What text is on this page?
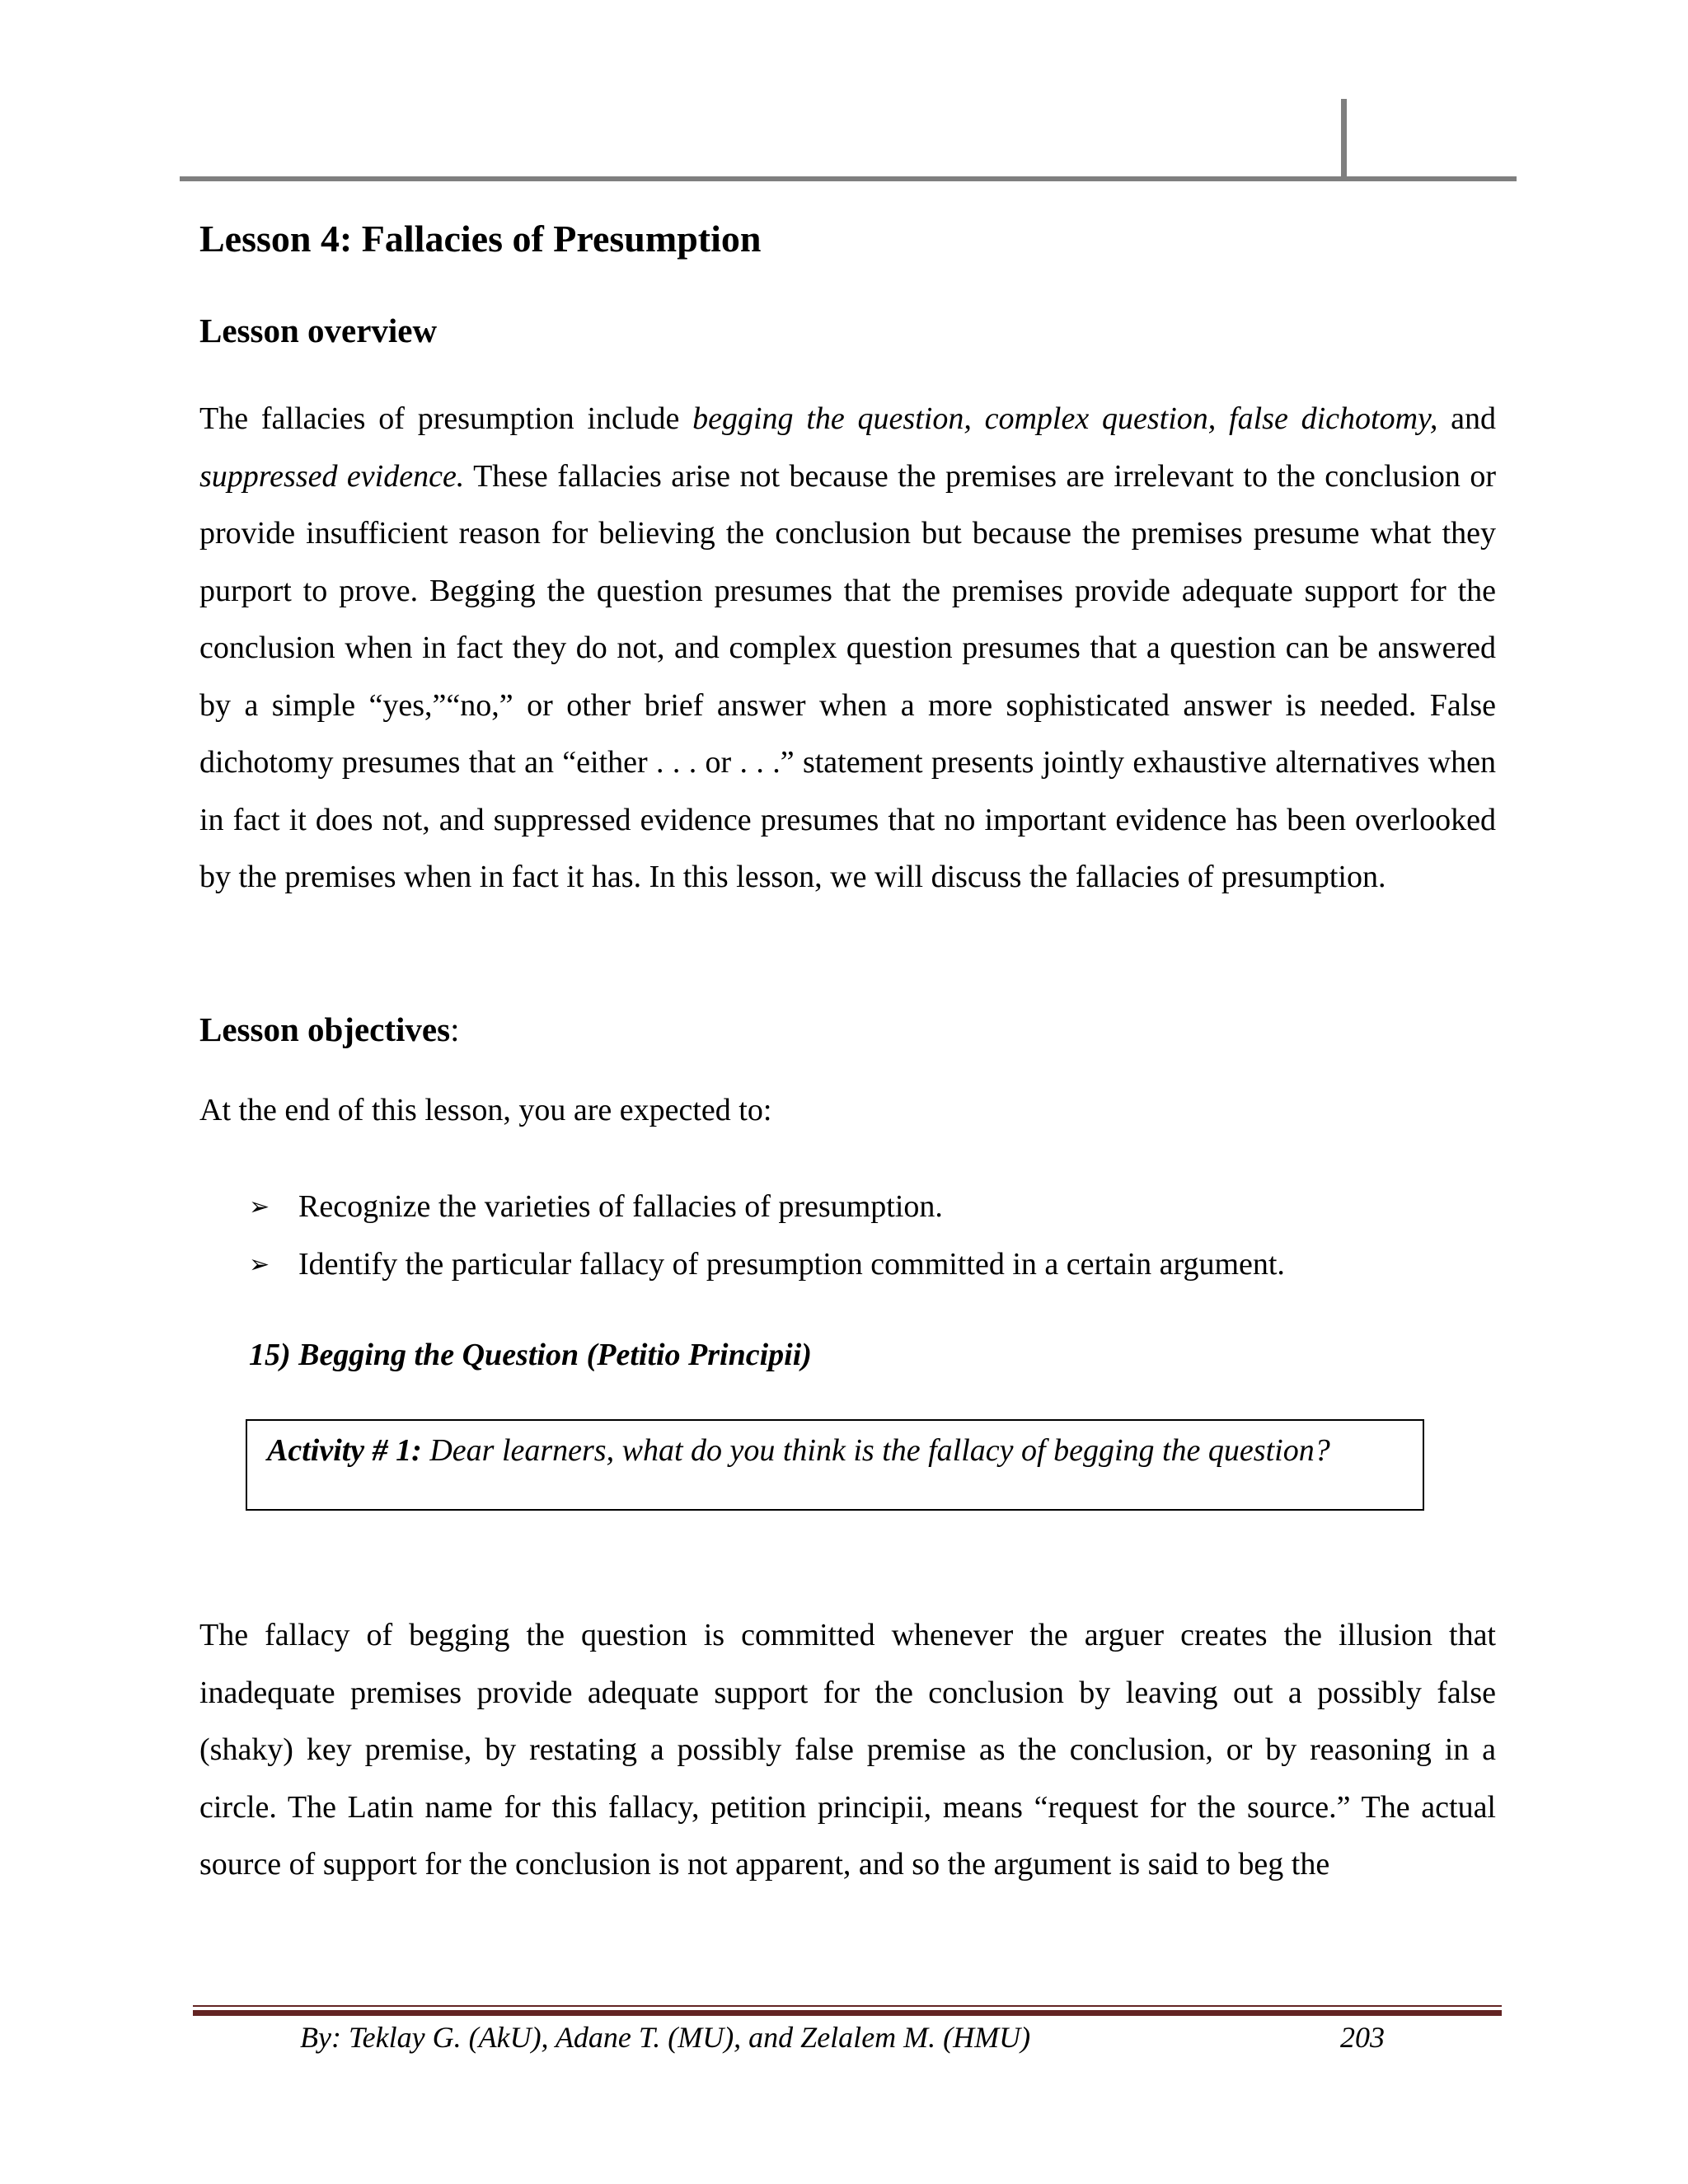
Lesson 4: Fallacies of Presumption
Lesson overview

The fallacies of presumption include begging the question, complex question, false dichotomy, and suppressed evidence. These fallacies arise not because the premises are irrelevant to the conclusion or provide insufficient reason for believing the conclusion but because the premises presume what they purport to prove. Begging the question presumes that the premises provide adequate support for the conclusion when in fact they do not, and complex question presumes that a question can be answered by a simple “yes,”“no,” or other brief answer when a more sophisticated answer is needed. False dichotomy presumes that an “either . . . or . . .” statement presents jointly exhaustive alternatives when in fact it does not, and suppressed evidence presumes that no important evidence has been overlooked by the premises when in fact it has. In this lesson, we will discuss the fallacies of presumption.

Lesson objectives:

At the end of this lesson, you are expected to:

➢ Recognize the varieties of fallacies of presumption.
➢ Identify the particular fallacy of presumption committed in a certain argument.
15) Begging the Question (Petitio Principii)
Activity # 1: Dear learners, what do you think is the fallacy of begging the question?

The fallacy of begging the question is committed whenever the arguer creates the illusion that inadequate premises provide adequate support for the conclusion by leaving out a possibly false (shaky) key premise, by restating a possibly false premise as the conclusion, or by reasoning in a circle. The Latin name for this fallacy, petition principii, means “request for the source.” The actual source of support for the conclusion is not apparent, and so the argument is said to beg the

By: Teklay G. (AkU), Adane T. (MU), and Zelalem M. (HMU)	203
